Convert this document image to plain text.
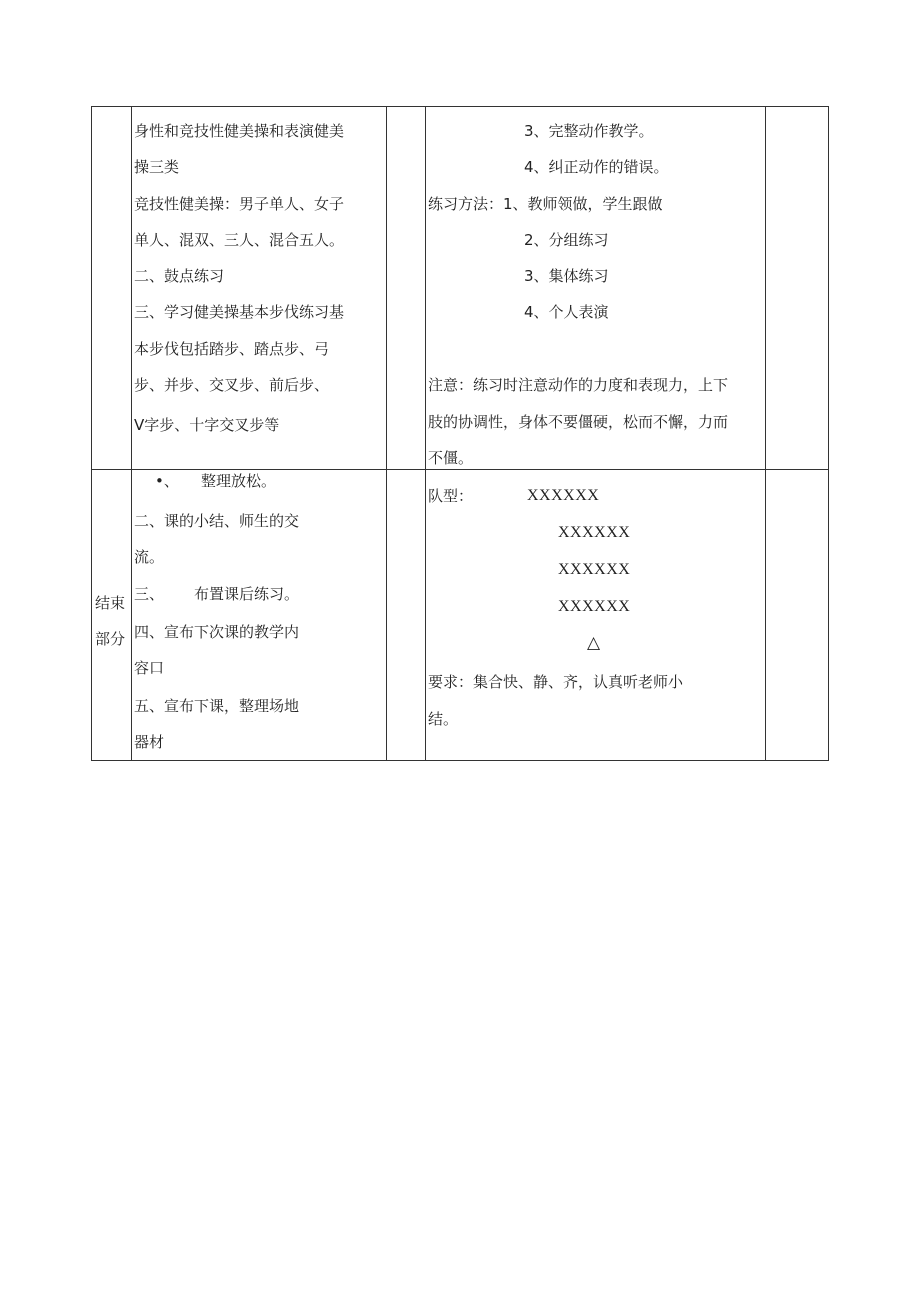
身性和竞技性健美操和表演健美
操三类
竞技性健美操：男子单人、女子
单人、混双、三人、混合五人。
二、鼓点练习
三、学习健美操基本步伐练习基
本步伐包括踏步、踏点步、弓
步、并步、交叉步、前后步、
V字步、十字交叉步等
3、完整动作教学。
4、纠正动作的错误。
练习方法：1、教师领做，学生跟做
2、分组练习
3、集体练习
4、个人表演
注意：练习时注意动作的力度和表现力，上下
肢的协调性，身体不要僵硬，松而不懈，力而
不僵。
结束
部分
•、 整理放松。
二、课的小结、师生的交
流。
三、 布置课后练习。
四、宣布下次课的教学内
容口
五、宣布下课，整理场地
器材
队型：	XXXXXX
XXXXXX
XXXXXX
XXXXXX
△
要求：集合快、静、齐，认真听老师小
结。
